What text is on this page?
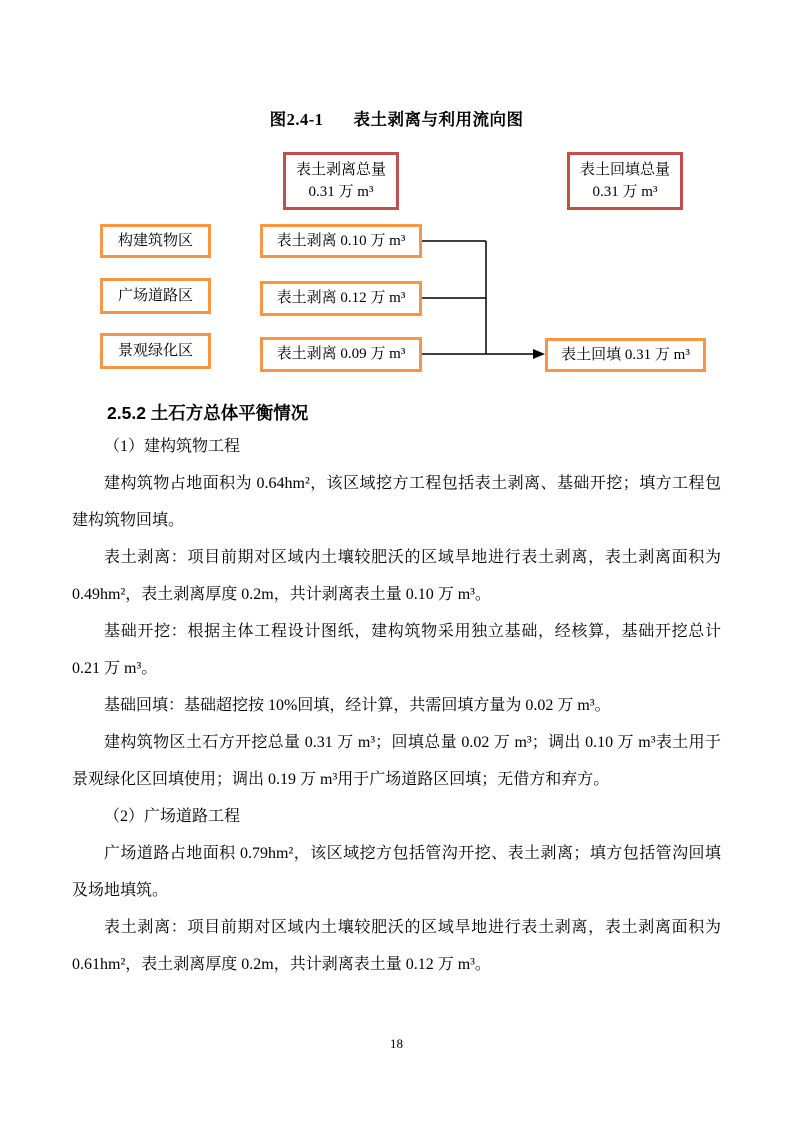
图2.4-1 表土剥离与利用流向图
表土剥离总量 0.31 万 m³
表土回填总量 0.31 万 m³
构建筑物区
广场道路区
景观绿化区
表土剥离 0.10 万 m³
表土剥离 0.12 万 m³
表土剥离 0.09 万 m³	表土回填 0.31 万 m³
2.5.2 土石方总体平衡情况

（1）建构筑物工程

建构筑物占地面积为 0.64hm²，该区域挖方工程包括表土剥离、基础开挖；填方工程包建构筑物回填。

表土剥离：项目前期对区域内土壤较肥沃的区域旱地进行表土剥离，表土剥离面积为 0.49hm²，表土剥离厚度 0.2m，共计剥离表土量 0.10 万 m³。

基础开挖：根据主体工程设计图纸，建构筑物采用独立基础，经核算，基础开挖总计 0.21 万 m³。

基础回填：基础超挖按 10%回填，经计算，共需回填方量为 0.02 万 m³。

建构筑物区土石方开挖总量 0.31 万 m³；回填总量 0.02 万 m³；调出 0.10 万 m³表土用于景观绿化区回填使用；调出 0.19 万 m³用于广场道路区回填；无借方和弃方。

（2）广场道路工程

广场道路占地面积 0.79hm²，该区域挖方包括管沟开挖、表土剥离；填方包括管沟回填及场地填筑。

表土剥离：项目前期对区域内土壤较肥沃的区域旱地进行表土剥离，表土剥离面积为 0.61hm²，表土剥离厚度 0.2m，共计剥离表土量 0.12 万 m³。

18
